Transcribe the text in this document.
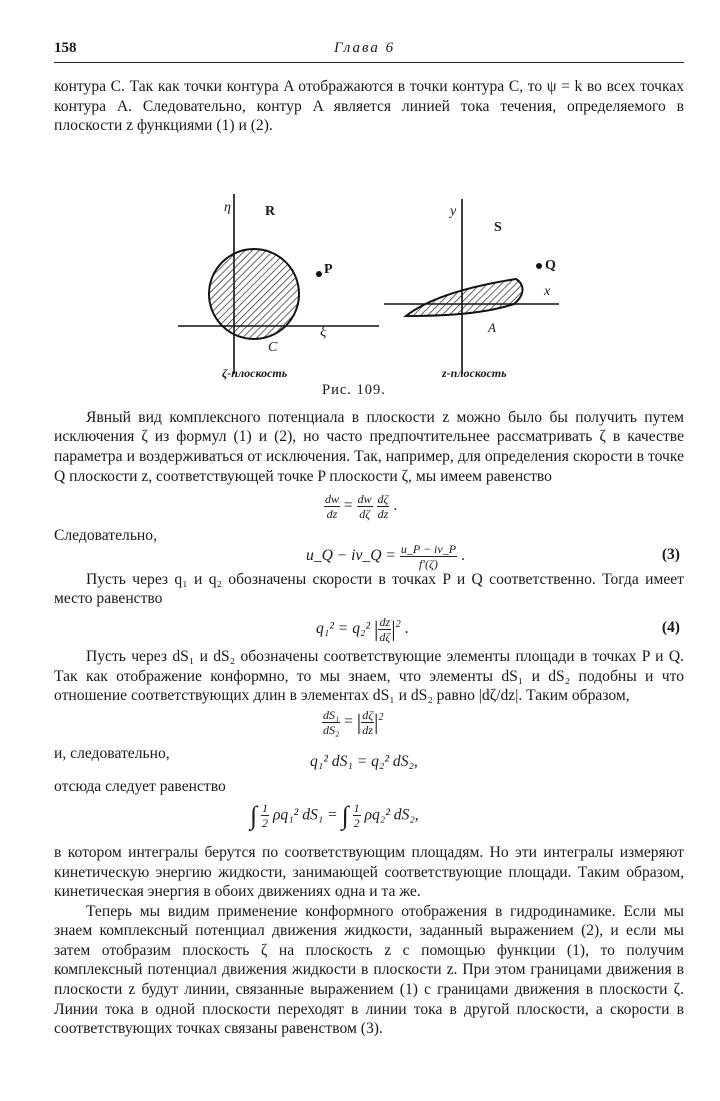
158	Глава 6

контура C. Так как точки контура A отображаются в точки контура C, то ψ = k во всех точках контура A. Следовательно, контур A является линией тока течения, определяемого в плоскости z функциями (1) и (2).

η R
P
C
ξ
ζ-плоскость
y
S
Q
A
x
z-плоскость
Рис. 109.

Явный вид комплексного потенциала в плоскости z можно было бы получить путем исключения ζ из формул (1) и (2), но часто предпочтительнее рассматривать ζ в качестве параметра и воздерживаться от исключения. Так, например, для определения скорости в точке Q плоскости z, соответствующей точке P плоскости ζ, мы имеем равенство

$\frac{dw}{dz} = \frac{dw}{d\zeta}$
$\frac{d\zeta}{dz}$ .

Следовательно,

u_Q − iv_Q = $\frac{u\_P - iv\_P}{f'(\zeta)}$ .	(3)

Пусть через q₁ и q₂ обозначены скорости в точках P и Q соответственно. Тогда имеет место равенство

q₁² = q₂² | $\frac{dz}{d\zeta} |^2$ .	(4)

Пусть через dS₁ и dS₂ обозначены соответствующие элементы площади в точках P и Q. Так как отображение конформно, то мы знаем, что элементы dS₁ и dS₂ подобны и что отношение соответствующих длин в элементах dS₁ и dS₂ равно |dζ/dz|. Таким образом,

$\frac{\text{dS₁}}{\text{dS₂}}$ = | $\frac{d\zeta}{dz} |^2$

и, следовательно,

q₁² dS₁ = q₂² dS₂,

отсюда следует равенство

∫ $\frac{1}{2} \rho q_1^2$ dS₁ = ∫ $\frac{1}{2} \rho q_2^2$ dS₂,

в котором интегралы берутся по соответствующим площадям. Но эти интегралы измеряют кинетическую энергию жидкости, занимающей соответствующие площади. Таким образом, кинетическая энергия в обоих движениях одна и та же.

Теперь мы видим применение конформного отображения в гидродинамике. Если мы знаем комплексный потенциал движения жидкости, заданный выражением (2), и если мы затем отобразим плоскость ζ на плоскость z с помощью функции (1), то получим комплексный потенциал движения жидкости в плоскости z. При этом границами движения в плоскости z будут линии, связанные выражением (1) с границами движения в плоскости ζ. Линии тока в одной плоскости переходят в линии тока в другой плоскости, а скорости в соответствующих точках связаны равенством (3).
